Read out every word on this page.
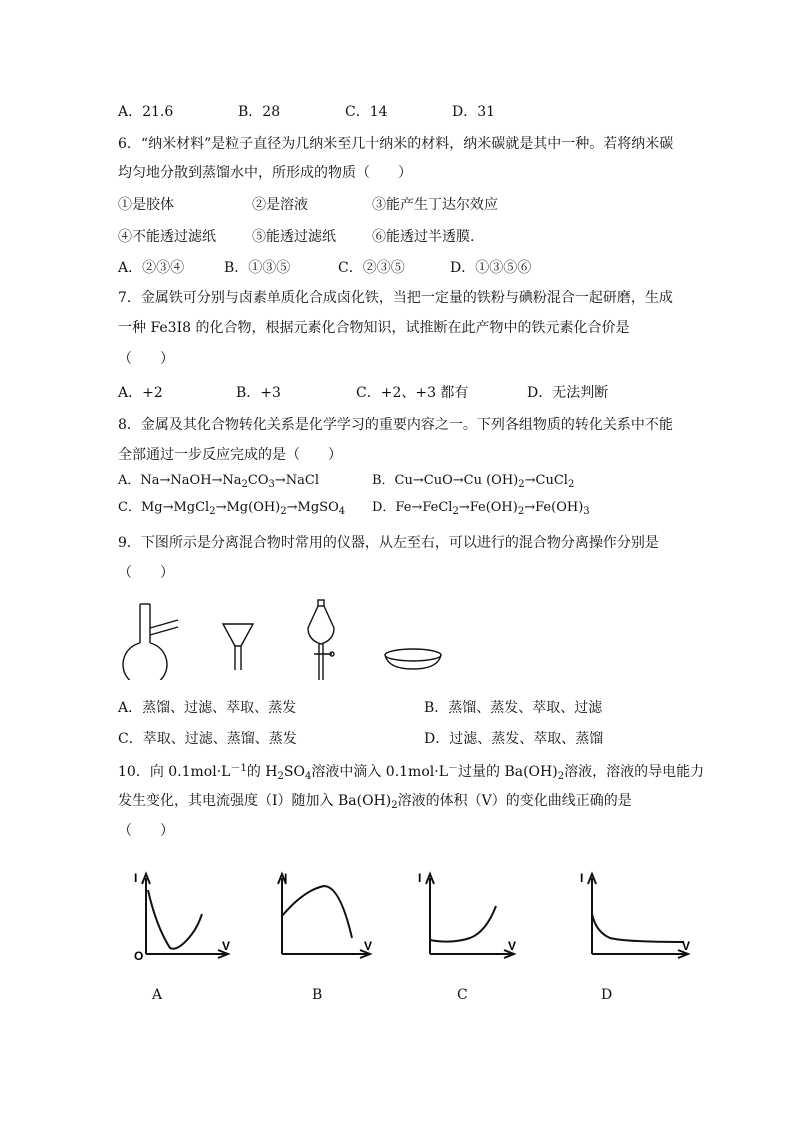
A．21.6	B．28	C．14	D．31
6．“纳米材料”是粒子直径为几纳米至几十纳米的材料，纳米碳就是其中一种。若将纳米碳
均匀地分散到蒸馏水中，所形成的物质（　　）
①是胶体	②是溶液	③能产生丁达尔效应
④不能透过滤纸	⑤能透过滤纸	⑥能透过半透膜.
A．②③④	B．①③⑤	C．②③⑤	D．①③⑤⑥
7．金属铁可分别与卤素单质化合成卤化铁，当把一定量的铁粉与碘粉混合一起研磨，生成
一种 Fe3I8 的化合物，根据元素化合物知识，试推断在此产物中的铁元素化合价是
（　　）
A．+2	B．+3	C．+2、+3 都有	D．无法判断
8．金属及其化合物转化关系是化学学习的重要内容之一。下列各组物质的转化关系中不能
全部通过一步反应完成的是（　　）
A．$Na\to NaOH\to Na_2CO_3\to NaCl$	B．Cu→CuO→Cu $(OH)_2\to CuCl_2$
C．$Mg\to MgCl_2\to Mg(OH)_2\to MgSO_4$ D．$Fe\to FeCl_2\to Fe(OH)_2\to Fe(OH)_3$
9．下图所示是分离混合物时常用的仪器，从左至右，可以进行的混合物分离操作分别是
（　　）
A．蒸馏、过滤、萃取、蒸发	B．蒸馏、蒸发、萃取、过滤
C．萃取、过滤、蒸馏、蒸发	D．过滤、蒸发、萃取、蒸馏
10．向 $0.1mol\cdot L^{-1}$的 $H_2SO_4$溶液中滴入 0.1mol·L－过量的 $Ba(OH)_2$溶液，溶液的导电能力
发生变化，其电流强度（I）随加入 $Ba(OH)_2$溶液的体积（V）的变化曲线正确的是
（　　）
I
O
V
I
V
I
V
I
V
A	B	C	D
